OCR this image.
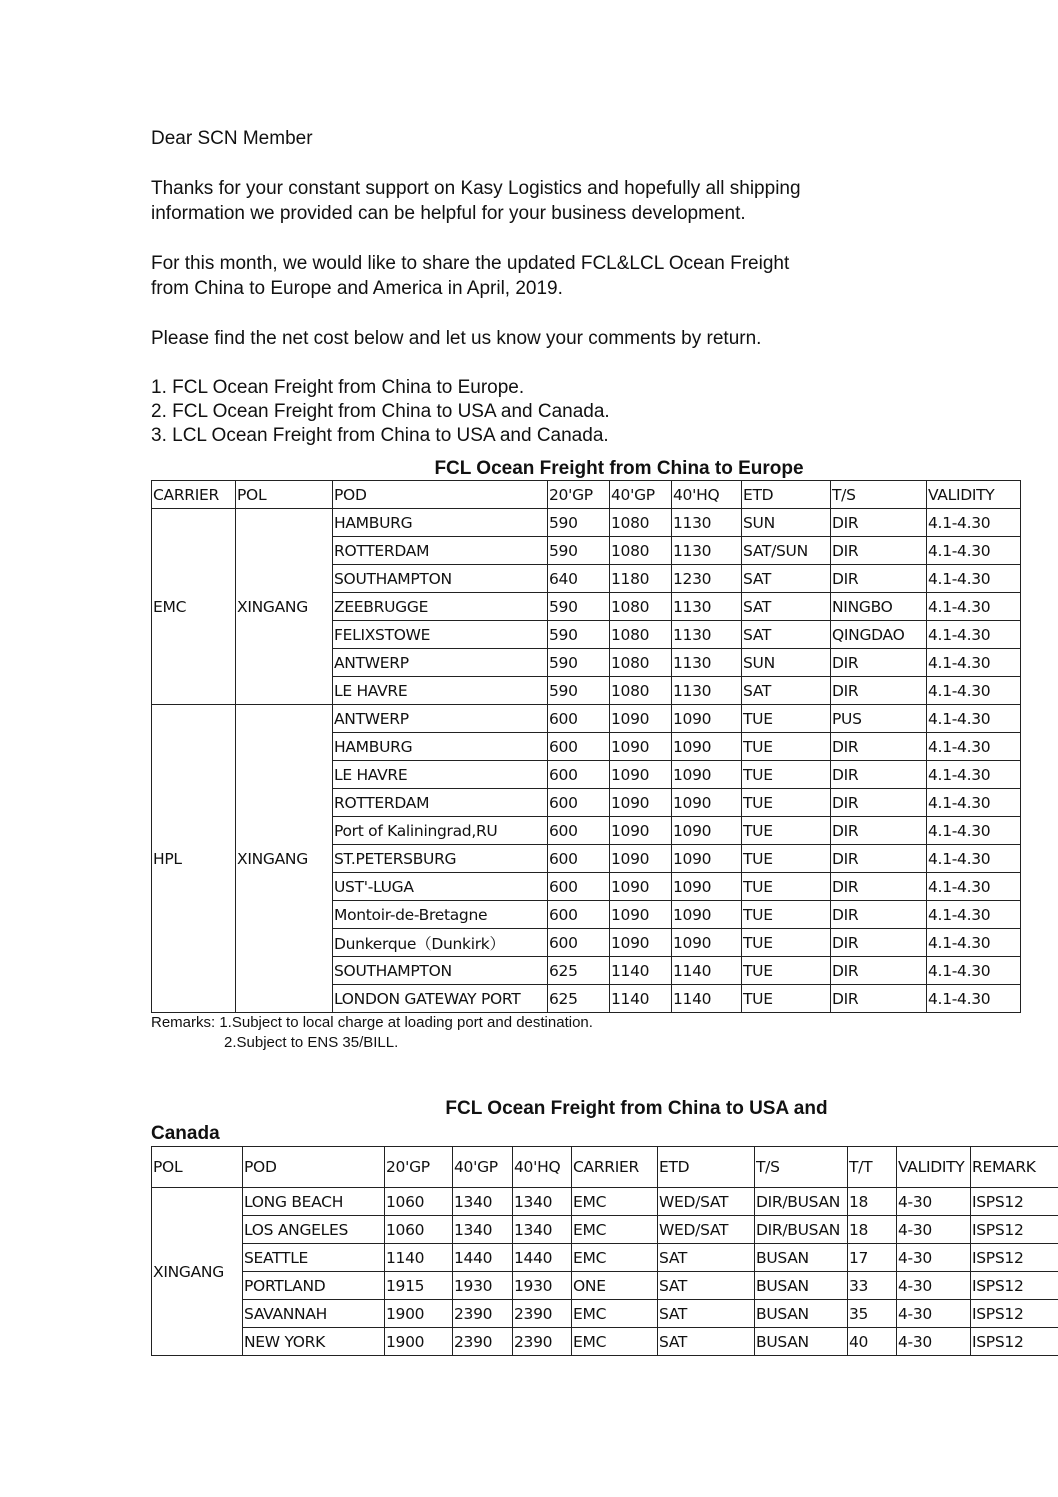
Dear SCN Member

Thanks for your constant support on Kasy Logistics and hopefully all shipping

information we provided can be helpful for your business development.

For this month, we would like to share the updated FCL&LCL Ocean Freight

from China to Europe and America in April, 2019.

Please find the net cost below and let us know your comments by return.

1. FCL Ocean Freight from China to Europe.

2. FCL Ocean Freight from China to USA and Canada.

3. LCL Ocean Freight from China to USA and Canada.

FCL Ocean Freight from China to Europe

CARRIER	POL	POD	20'GP	40'GP	40'HQ	ETD	T/S	VALIDITY
EMC	XINGANG	HAMBURG	590	1080	1130	SUN	DIR	4.1-4.30
		ROTTERDAM	590	1080	1130	SAT/SUN	DIR	4.1-4.30
		SOUTHAMPTON	640	1180	1230	SAT	DIR	4.1-4.30
		ZEEBRUGGE	590	1080	1130	SAT	NINGBO	4.1-4.30
		FELIXSTOWE	590	1080	1130	SAT	QINGDAO	4.1-4.30
		ANTWERP	590	1080	1130	SUN	DIR	4.1-4.30
		LE HAVRE	590	1080	1130	SAT	DIR	4.1-4.30
HPL	XINGANG	ANTWERP	600	1090	1090	TUE	PUS	4.1-4.30
		HAMBURG	600	1090	1090	TUE	DIR	4.1-4.30
		LE HAVRE	600	1090	1090	TUE	DIR	4.1-4.30
		ROTTERDAM	600	1090	1090	TUE	DIR	4.1-4.30
		Port of Kaliningrad,RU	600	1090	1090	TUE	DIR	4.1-4.30
		ST.PETERSBURG	600	1090	1090	TUE	DIR	4.1-4.30
		UST'-LUGA	600	1090	1090	TUE	DIR	4.1-4.30
		Montoir-de-Bretagne	600	1090	1090	TUE	DIR	4.1-4.30
		Dunkerque（Dunkirk）	600	1090	1090	TUE	DIR	4.1-4.30
		SOUTHAMPTON	625	1140	1140	TUE	DIR	4.1-4.30
		LONDON GATEWAY PORT	625	1140	1140	TUE	DIR	4.1-4.30

Remarks: 1.Subject to local charge at loading port and destination.

2.Subject to ENS 35/BILL.

FCL Ocean Freight from China to USA and

Canada

POL	POD	20'GP	40'GP	40'HQ	CARRIER	ETD	T/S	T/T	VALIDITY	REMARK
XINGANG	LONG BEACH	1060	1340	1340	EMC	WED/SAT	DIR/BUSAN	18	4-30	ISPS12
	LOS ANGELES	1060	1340	1340	EMC	WED/SAT	DIR/BUSAN	18	4-30	ISPS12
	SEATTLE	1140	1440	1440	EMC	SAT	BUSAN	17	4-30	ISPS12
	PORTLAND	1915	1930	1930	ONE	SAT	BUSAN	33	4-30	ISPS12
	SAVANNAH	1900	2390	2390	EMC	SAT	BUSAN	35	4-30	ISPS12
	NEW YORK	1900	2390	2390	EMC	SAT	BUSAN	40	4-30	ISPS12
